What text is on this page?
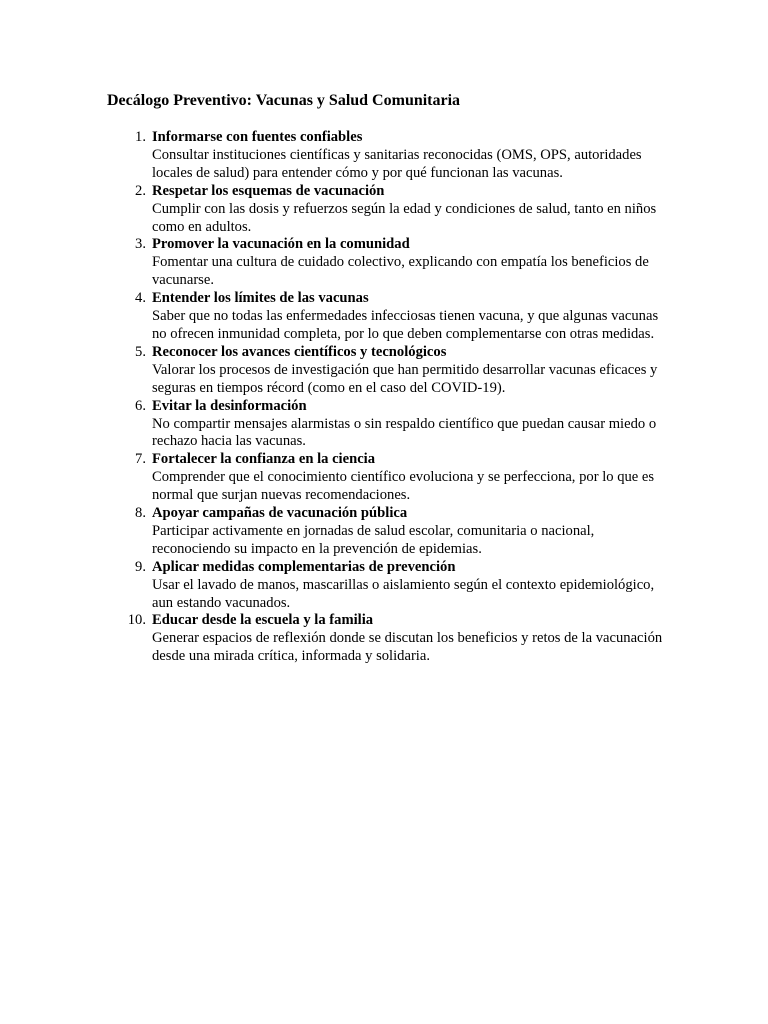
Decálogo Preventivo: Vacunas y Salud Comunitaria
1. Informarse con fuentes confiables
Consultar instituciones científicas y sanitarias reconocidas (OMS, OPS, autoridades locales de salud) para entender cómo y por qué funcionan las vacunas.
2. Respetar los esquemas de vacunación
Cumplir con las dosis y refuerzos según la edad y condiciones de salud, tanto en niños como en adultos.
3. Promover la vacunación en la comunidad
Fomentar una cultura de cuidado colectivo, explicando con empatía los beneficios de vacunarse.
4. Entender los límites de las vacunas
Saber que no todas las enfermedades infecciosas tienen vacuna, y que algunas vacunas no ofrecen inmunidad completa, por lo que deben complementarse con otras medidas.
5. Reconocer los avances científicos y tecnológicos
Valorar los procesos de investigación que han permitido desarrollar vacunas eficaces y seguras en tiempos récord (como en el caso del COVID-19).
6. Evitar la desinformación
No compartir mensajes alarmistas o sin respaldo científico que puedan causar miedo o rechazo hacia las vacunas.
7. Fortalecer la confianza en la ciencia
Comprender que el conocimiento científico evoluciona y se perfecciona, por lo que es normal que surjan nuevas recomendaciones.
8. Apoyar campañas de vacunación pública
Participar activamente en jornadas de salud escolar, comunitaria o nacional, reconociendo su impacto en la prevención de epidemias.
9. Aplicar medidas complementarias de prevención
Usar el lavado de manos, mascarillas o aislamiento según el contexto epidemiológico, aun estando vacunados.
10. Educar desde la escuela y la familia
Generar espacios de reflexión donde se discutan los beneficios y retos de la vacunación desde una mirada crítica, informada y solidaria.
